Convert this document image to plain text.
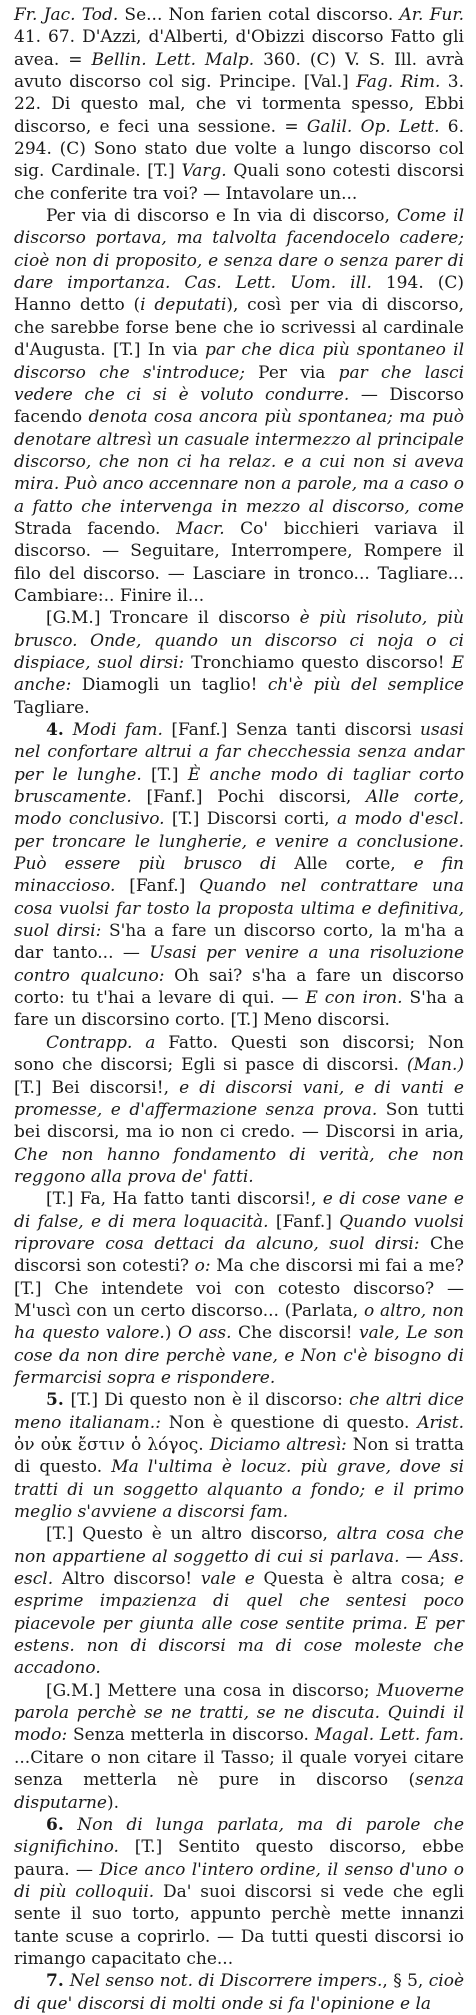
Fr. Jac. Tod. Se... Non farien cotal discorso. Ar. Fur. 41. 67. D'Azzi, d'Alberti, d'Obizzi discorso Fatto gli avea. = Bellin. Lett. Malp. 360. (C) V. S. Ill. avrà avuto discorso col sig. Principe. [Val.] Fag. Rim. 3. 22. Di questo mal, che vi tormenta spesso, Ebbi discorso, e feci una sessione. = Galil. Op. Lett. 6. 294. (C) Sono stato due volte a lungo discorso col sig. Cardinale. [T.] Varg. Quali sono cotesti discorsi che conferite tra voi? — Intavolare un...

Per via di discorso e In via di discorso, Come il discorso portava, ma talvolta facendocelo cadere; cioè non di proposito, e senza dare o senza parer di dare importanza. Cas. Lett. Uom. ill. 194. (C) Hanno detto (i deputati), così per via di discorso, che sarebbe forse bene che io scrivessi al cardinale d'Augusta. [T.] In via par che dica più spontaneo il discorso che s'introduce; Per via par che lasci vedere che ci si è voluto condurre. — Discorso facendo denota cosa ancora più spontanea; ma può denotare altresì un casuale intermezzo al principale discorso, che non ci ha relaz. e a cui non si aveva mira. Può anco accennare non a parole, ma a caso o a fatto che intervenga in mezzo al discorso, come Strada facendo. Macr. Co' bicchieri variava il discorso. — Seguitare, Interrompere, Rompere il filo del discorso. — Lasciare in tronco... Tagliare... Cambiare:.. Finire il...

[G.M.] Troncare il discorso è più risoluto, più brusco. Onde, quando un discorso ci noja o ci dispiace, suol dirsi: Tronchiamo questo discorso! E anche: Diamogli un taglio! ch'è più del semplice Tagliare.

4. Modi fam. [Fanf.] Senza tanti discorsi usasi nel confortare altrui a far checchessia senza andar per le lunghe. [T.] È anche modo di tagliar corto bruscamente. [Fanf.] Pochi discorsi, Alle corte, modo conclusivo. [T.] Discorsi corti, a modo d'escl. per troncare le lungherie, e venire a conclusione. Può essere più brusco di Alle corte, e fin minaccioso. [Fanf.] Quando nel contrattare una cosa vuolsi far tosto la proposta ultima e definitiva, suol dirsi: S'ha a fare un discorso corto, la m'ha a dar tanto... — Usasi per venire a una risoluzione contro qualcuno: Oh sai? s'ha a fare un discorso corto: tu t'hai a levare di qui. — E con iron. S'ha a fare un discorsino corto. [T.] Meno discorsi.

Contrapp. a Fatto. Questi son discorsi; Non sono che discorsi; Egli si pasce di discorsi. (Man.) [T.] Bei discorsi!, e di discorsi vani, e di vanti e promesse, e d'affermazione senza prova. Son tutti bei discorsi, ma io non ci credo. — Discorsi in aria, Che non hanno fondamento di verità, che non reggono alla prova de' fatti.

[T.] Fa, Ha fatto tanti discorsi!, e di cose vane e di false, e di mera loquacità. [Fanf.] Quando vuolsi riprovare cosa dettaci da alcuno, suol dirsi: Che discorsi son cotesti? o: Ma che discorsi mi fai a me? [T.] Che intendete voi con cotesto discorso? — M'uscì con un certo discorso... (Parlata, o altro, non ha questo valore.) O ass. Che discorsi! vale, Le son cose da non dire perchè vane, e Non c'è bisogno di fermarcisi sopra e rispondere.

5. [T.] Di questo non è il discorso: che altri dice meno italianam.: Non è questione di questo. Arist. ὀν οὐκ ἔστιν ὁ λόγος. Diciamo altresì: Non si tratta di questo. Ma l'ultima è locuz. più grave, dove si tratti di un soggetto alquanto a fondo; e il primo meglio s'avviene a discorsi fam.

[T.] Questo è un altro discorso, altra cosa che non appartiene al soggetto di cui si parlava. — Ass. escl. Altro discorso! vale e Questa è altra cosa; e esprime impazienza di quel che sentesi poco piacevole per giunta alle cose sentite prima. E per estens. non di discorsi ma di cose moleste che accadono.

[G.M.] Mettere una cosa in discorso; Muoverne parola perchè se ne tratti, se ne discuta. Quindi il modo: Senza metterla in discorso. Magal. Lett. fam. ...Citare o non citare il Tasso; il quale voryei citare senza metterla nè pure in discorso (senza disputarne).

6. Non di lunga parlata, ma di parole che significhino. [T.] Sentito questo discorso, ebbe paura. — Dice anco l'intero ordine, il senso d'uno o di più colloquii. Da' suoi discorsi si vede che egli sente il suo torto, appunto perchè mette innanzi tante scuse a coprirlo. — Da tutti questi discorsi io rimango capacitato che...

7. Nel senso not. di Discorrere impers., § 5, cioè di que' discorsi di molti onde si fa l'opinione e la
